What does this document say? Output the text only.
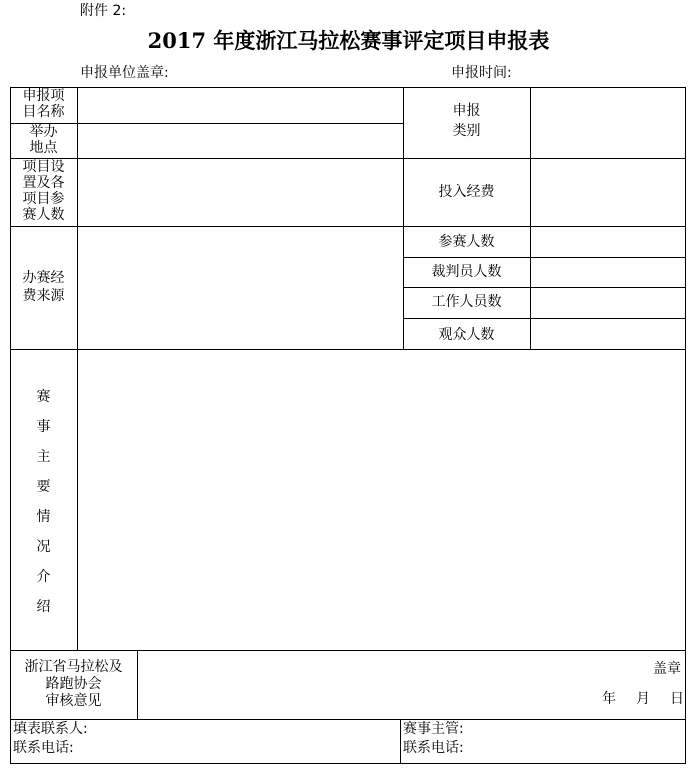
附件 2:
2017 年度浙江马拉松赛事评定项目申报表
申报单位盖章:	申报时间:
申报项
目名称
举办
地点
申报
类别
项目设
置及各
项目参
赛人数
投入经费
办赛经
费来源
参赛人数
裁判员人数
工作人员数
观众人数
赛
事
主
要
情
况
介
绍
浙江省马拉松及
路跑协会
审核意见
盖章
年 月 日
填表联系人:
联系电话:
赛事主管:
联系电话:
